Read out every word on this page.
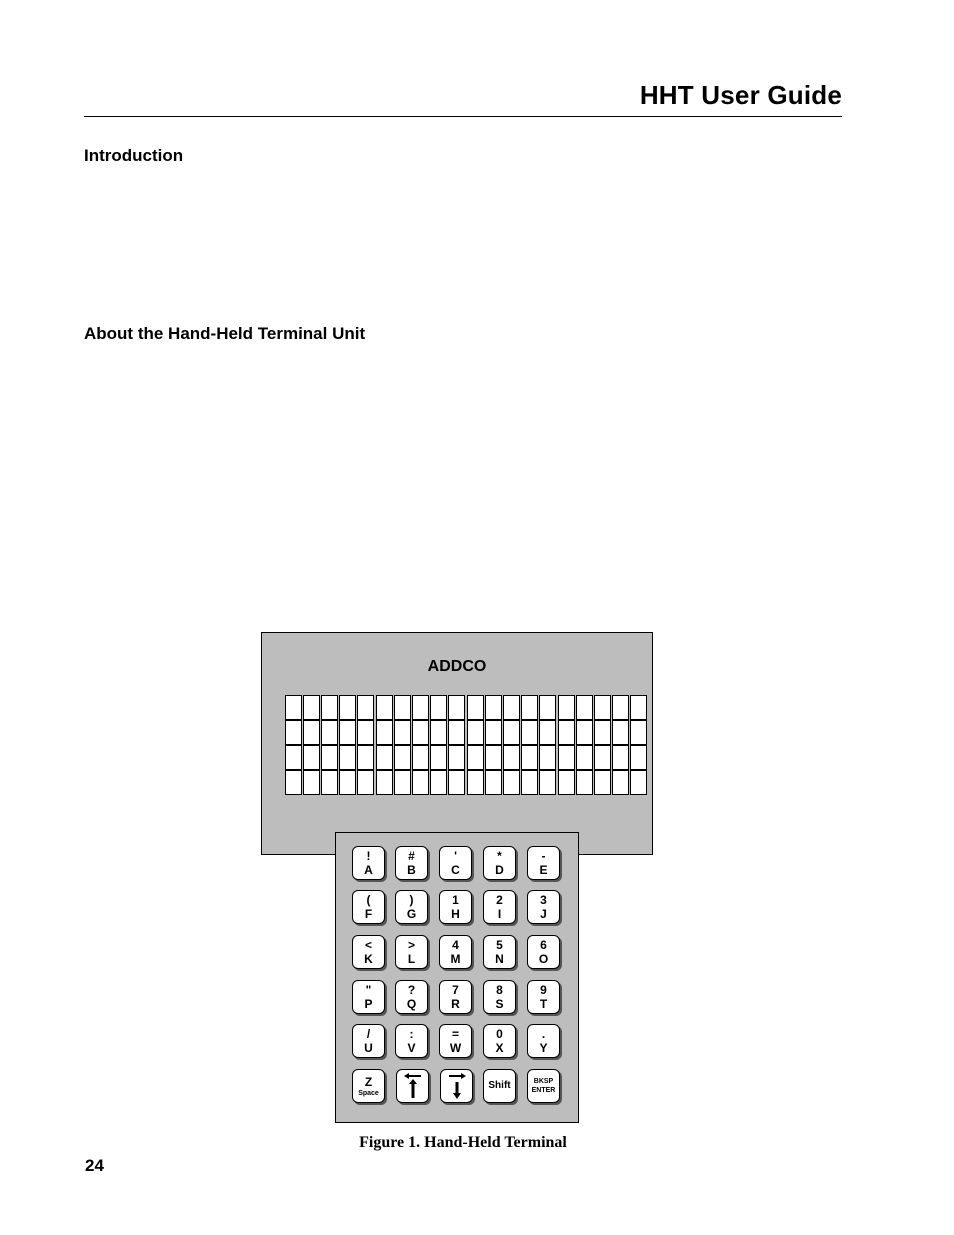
HHT User Guide
Introduction
About the Hand-Held Terminal Unit
ADDCO
Z
Space
Shift	BKSP
ENTER
!
A
#
B
'
C
*
D
-
E
(
F
)
G
1
H
2
I
3
J
<
K
>
L
4
M
5
N
6
O
"
P
?
Q
7
R
8
S
9
T
/
U
:
V
=
W
0
X
.
Y
Figure 1. Hand-Held Terminal
24
